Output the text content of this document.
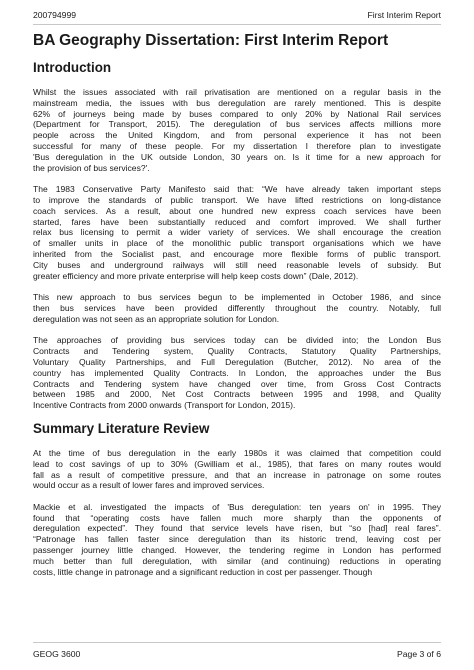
200794999	First Interim Report
BA Geography Dissertation: First Interim Report
Introduction

Whilst the issues associated with rail privatisation are mentioned on a regular basis in the
mainstream media, the issues with bus deregulation are rarely mentioned. This is despite
62% of journeys being made by buses compared to only 20% by National Rail services
(Department for Transport, 2015). The deregulation of bus services affects millions more
people across the United Kingdom, and from personal experience it has not been
successful for many of these people. For my dissertation I therefore plan to investigate
'Bus deregulation in the UK outside London, 30 years on. Is it time for a new approach for
the provision of bus services?'.

The 1983 Conservative Party Manifesto said that: “We have already taken important steps
to improve the standards of public transport. We have lifted restrictions on long-distance
coach services. As a result, about one hundred new express coach services have been
started, fares have been substantially reduced and comfort improved. We shall further
relax bus licensing to permit a wider variety of services. We shall encourage the creation
of smaller units in place of the monolithic public transport organisations which we have
inherited from the Socialist past, and encourage more flexible forms of public transport.
City buses and underground railways will still need reasonable levels of subsidy. But
greater efficiency and more private enterprise will help keep costs down” (Dale, 2012).

This new approach to bus services begun to be implemented in October 1986, and since
then bus services have been provided differently throughout the country. Notably, full
deregulation was not seen as an appropriate solution for London.

The approaches of providing bus services today can be divided into; the London Bus
Contracts and Tendering system, Quality Contracts, Statutory Quality Partnerships,
Voluntary Quality Partnerships, and Full Deregulation (Butcher, 2012). No area of the
country has implemented Quality Contracts. In London, the approaches under the Bus
Contracts and Tendering system have changed over time, from Gross Cost Contracts
between 1985 and 2000, Net Cost Contracts between 1995 and 1998, and Quality
Incentive Contracts from 2000 onwards (Transport for London, 2015).

Summary Literature Review

At the time of bus deregulation in the early 1980s it was claimed that competition could
lead to cost savings of up to 30% (Gwilliam et al., 1985), that fares on many routes would
fall as a result of competitive pressure, and that an increase in patronage on some routes
would occur as a result of lower fares and improved services.

Mackie et al. investigated the impacts of 'Bus deregulation: ten years on' in 1995. They
found that “operating costs have fallen much more sharply than the opponents of
deregulation expected”. They found that service levels have risen, but “so [had] real fares”.
“Patronage has fallen faster since deregulation than its historic trend, leaving cost per
passenger journey little changed. However, the tendering regime in London has performed
much better than full deregulation, with similar (and continuing) reductions in operating
costs, little change in patronage and a significant reduction in cost per passenger. Though

GEOG 3600	Page 3 of 6
